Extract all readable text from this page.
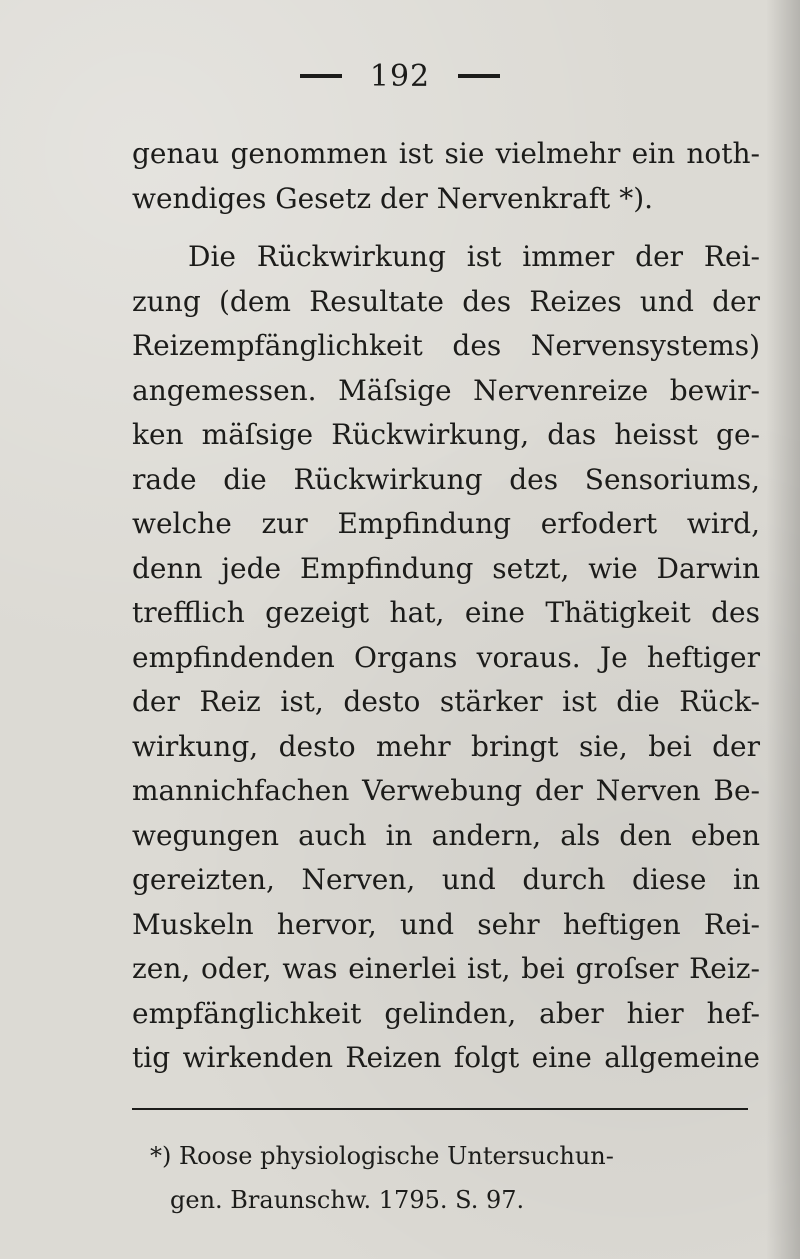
192
genau genommen ist sie vielmehr ein noth-
wendiges Gesetz der Nervenkraft *).
Die Rückwirkung ist immer der Rei-
zung (dem Resultate des Reizes und der
Reizempfänglichkeit des Nervensystems)
angemessen. Mäſsige Nervenreize bewir-
ken mäſsige Rückwirkung, das heisst ge-
rade die Rückwirkung des Sensoriums,
welche zur Empfindung erfodert wird,
denn jede Empfindung setzt, wie Darwin
trefflich gezeigt hat, eine Thätigkeit des
empfindenden Organs voraus. Je heftiger
der Reiz ist, desto stärker ist die Rück-
wirkung, desto mehr bringt sie, bei der
mannichfachen Verwebung der Nerven Be-
wegungen auch in andern, als den eben
gereizten, Nerven, und durch diese in
Muskeln hervor, und sehr heftigen Rei-
zen, oder, was einerlei ist, bei groſser Reiz-
empfänglichkeit gelinden, aber hier hef-
tig wirkenden Reizen folgt eine allgemeine
*) Roose physiologische Untersuchun-
gen. Braunschw. 1795. S. 97.
